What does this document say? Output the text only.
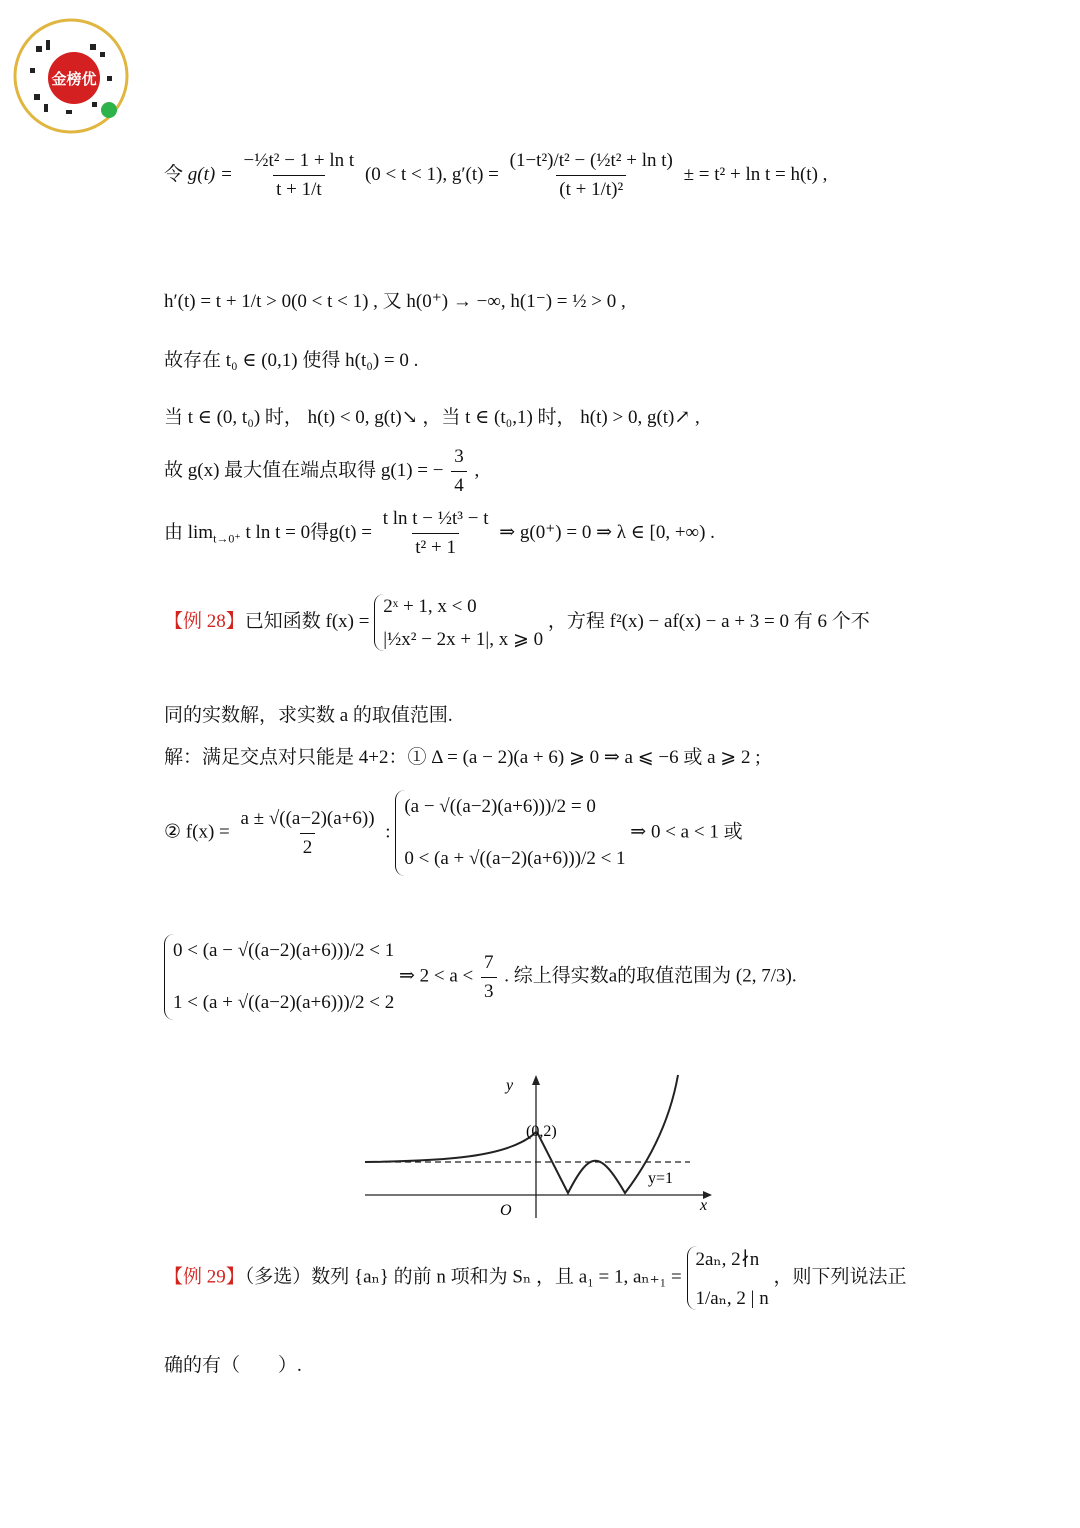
金榜优
令 $g(t) = \frac{\text{−½t² − 1 + ln t}}{t + 1/t} (0 < t < 1)$, $g'(t) = \frac{\text{(1−t²)/t² − (½t² + ln t)}}{\text{(t + 1/t)²}}$ ± = t² + ln t = h(t) ,
h′(t) = t + 1/t > 0(0 < t < 1) , 又 h(0⁺) → −∞, h(1⁻) = ½ > 0 ,
故存在 t₀ ∈ (0,1) 使得 h(t₀) = 0 .
当 t ∈ (0, t₀) 时， h(t) < 0, g(t)↘ ，当 t ∈ (t₀,1) 时， h(t) > 0, g(t)↗ ,
故 g(x) 最大值在端点取得 g(1) = − $\frac{3}{4}$ ,
由 $\lim_{t\to 0^+} t$ ln t = 0得$g(t) = \frac{\text{t ln t − ½t³ − t}}{\text{t² + 1}}$ ⇒ g(0⁺) = 0 ⇒ λ ∈ [0, +∞) .
【例 28】已知函数 f(x) =
2ˣ + 1, x < 0
|½x² − 2x + 1|, x ⩾ 0
，方程 f²(x) − af(x) − a + 3 = 0 有 6 个不
同的实数解，求实数 a 的取值范围.
解：满足交点对只能是 4+2：① Δ = (a − 2)(a + 6) ⩾ 0 ⇒ a ⩽ −6 或 a ⩾ 2 ;
② $f(x) = \frac{a \pm √((a-2)(a+6))}{2}$ :
(a − √((a−2)(a+6)))/2 = 0
0 < (a + √((a−2)(a+6)))/2 < 1
⇒ 0 < a < 1 或
0 < (a − √((a−2)(a+6)))/2 < 1
1 < (a + √((a−2)(a+6)))/2 < 2
⇒ $2 < a < \frac{7}{3}$ . 综上得实数a的取值范围为 (2, 7/3).
y
x
O
(0,2)
y=1
【例 29】（多选）数列 {aₙ} 的前 n 项和为 Sₙ ，且 a₁ = 1, aₙ₊₁ =
2aₙ, 2∤n
1/aₙ, 2 | n
，则下列说法正
确的有（　　）.
